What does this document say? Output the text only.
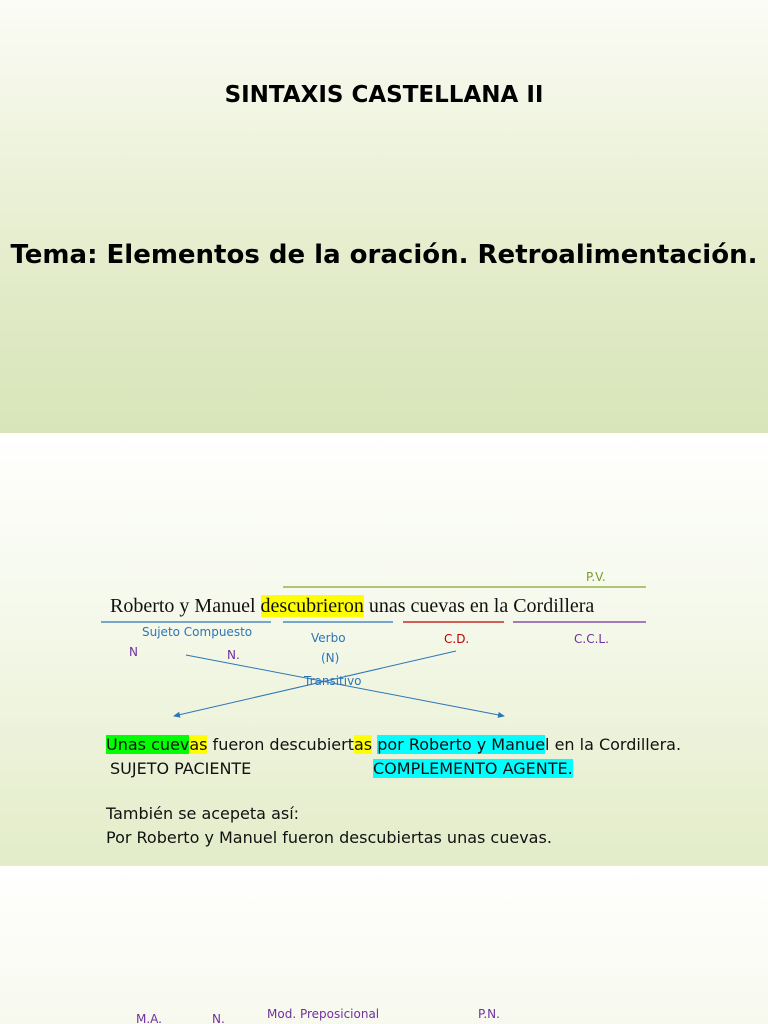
SINTAXIS CASTELLANA II
Tema: Elementos de la oración. Retroalimentación.
P.V.
Roberto y Manuel descubrieron unas cuevas en la Cordillera
Sujeto Compuesto
N	N.
Verbo
(N)
Transitivo
C.D.	C.C.L.
Unas cuevas fueron descubiertas por Roberto y Manuel en la Cordillera.
SUJETO PACIENTE	COMPLEMENTO AGENTE.
También se acepeta así:
Por Roberto y Manuel fueron descubiertas unas cuevas.
M.A.	N.	Mod. Preposicional	P.N.
